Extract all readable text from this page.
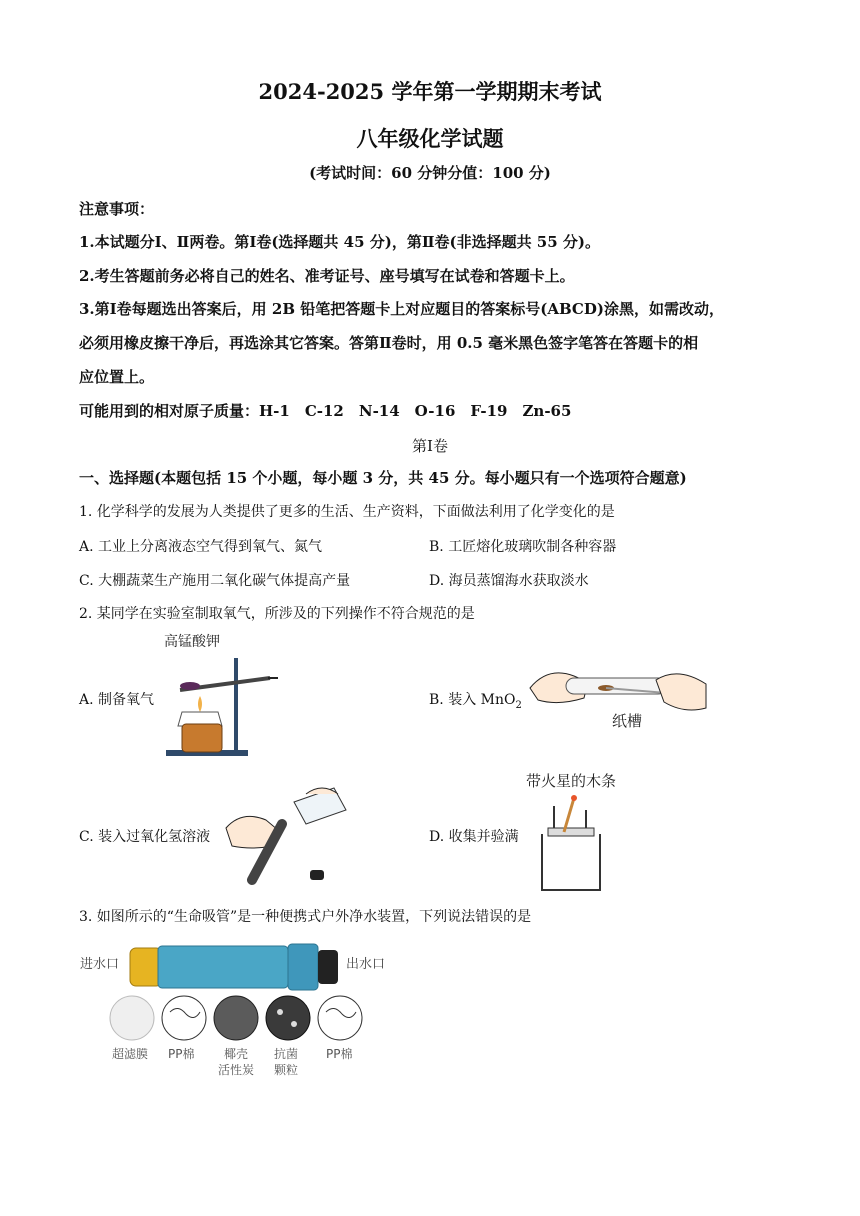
2024-2025 学年第一学期期末考试
八年级化学试题
(考试时间：60 分钟分值：100 分)
注意事项：
1.本试题分Ⅰ、Ⅱ两卷。第Ⅰ卷(选择题共 45 分)，第Ⅱ卷(非选择题共 55 分)。
2.考生答题前务必将自己的姓名、准考证号、座号填写在试卷和答题卡上。
3.第Ⅰ卷每题选出答案后，用 2B 铅笔把答题卡上对应题目的答案标号(ABCD)涂黑，如需改动，
必须用橡皮擦干净后，再选涂其它答案。答第Ⅱ卷时，用 0.5 毫米黑色签字笔答在答题卡的相
应位置上。
可能用到的相对原子质量：H-1　C-12　N-14　O-16　F-19　Zn-65
第Ⅰ卷
一、选择题(本题包括 15 个小题，每小题 3 分，共 45 分。每小题只有一个选项符合题意)
1. 化学科学的发展为人类提供了更多的生活、生产资料，下面做法利用了化学变化的是
A. 工业上分离液态空气得到氧气、氮气	B. 工匠熔化玻璃吹制各种容器
C. 大棚蔬菜生产施用二氧化碳气体提高产量	D. 海员蒸馏海水获取淡水
2. 某同学在实验室制取氧气，所涉及的下列操作不符合规范的是
A. 制备氧气	B. 装入 MnO$_2$
C. 装入过氧化氢溶液	D. 收集并验满
高锰酸钾
纸槽
带火星的木条
3. 如图所示的“生命吸管”是一种便携式户外净水装置，下列说法错误的是
进水口	出水口
超滤膜 PP棉 椰壳
活性炭
抗菌
颗粒
PP棉
